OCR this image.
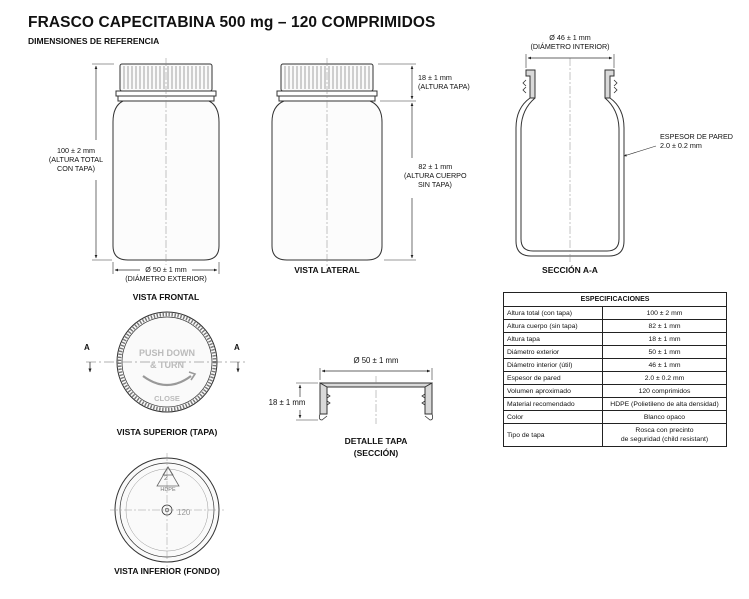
FRASCO CAPECITABINA 500 mg – 120 COMPRIMIDOS
DIMENSIONES DE REFERENCIA
100 ± 2 mm
(ALTURA TOTAL
CON TAPA)
Ø 50 ± 1 mm
(DIÁMETRO EXTERIOR)
VISTA FRONTAL
VISTA LATERAL
18 ± 1 mm
(ALTURA TAPA)
82 ± 1 mm
(ALTURA CUERPO
SIN TAPA)
Ø 46 ± 1 mm
(DIÁMETRO INTERIOR)
ESPESOR DE PARED
2.0 ± 0.2 mm
SECCIÓN A-A
A	A
PUSH DOWN
& TURN
CLOSE
VISTA SUPERIOR (TAPA)
2
HDPE
120
VISTA INFERIOR (FONDO)
Ø 50 ± 1 mm
18 ± 1 mm
DETALLE TAPA
(SECCIÓN)
ESPECIFICACIONES	
Altura total (con tapa)	100 ± 2 mm
Altura cuerpo (sin tapa)	82 ± 1 mm
Altura tapa	18 ± 1 mm
Diámetro exterior	50 ± 1 mm
Diámetro interior (útil)	46 ± 1 mm
Espesor de pared	2.0 ± 0.2 mm
Volumen aproximado	120 comprimidos
Material recomendado	HDPE (Polietileno de alta densidad)
Color	Blanco opaco
Tipo de tapa	Rosca con precinto
de seguridad (child resistant)
